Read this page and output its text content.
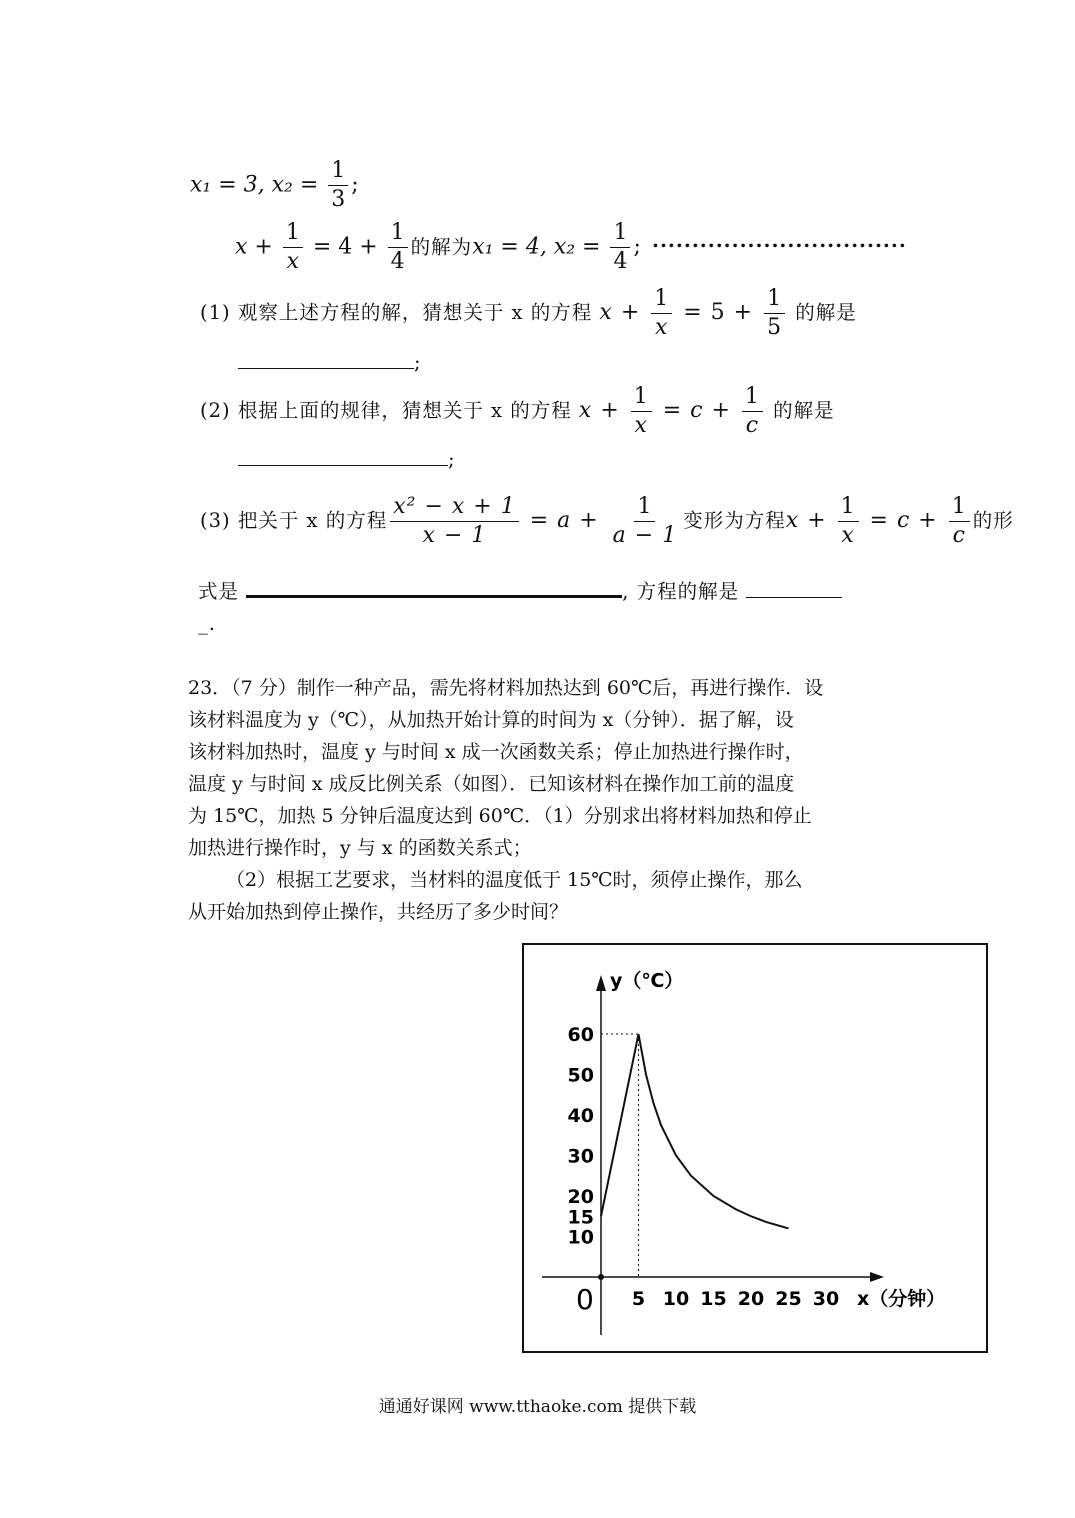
x₁ = 3, $x_2 = \frac{1}{3}$ ;
$x + \frac{1}{x} = 4 + \frac{1}{4}$ 的解为x₁ = 4, $x_2 = \frac{1}{4}$ ; ................................
(1) 观察上述方程的解，猜想关于 x 的方程 $x + \frac{1}{x} = 5 + \frac{1}{5}$ 的解是
;
(2) 根据上面的规律，猜想关于 x 的方程 $x + \frac{1}{x} = c + \frac{1}{c}$ 的解是
;
(3) 把关于 x 的方程 $\frac{\text{x² − x + 1}}{x - 1} = a + \frac{1}{a - 1}$ 变形为方程$x + \frac{1}{x} = c + \frac{1}{c}$ 的形
式是	, 方程的解是
_.
23．（7 分）制作一种产品，需先将材料加热达到 60℃后，再进行操作．设
该材料温度为 y（℃），从加热开始计算的时间为 x（分钟）．据了解，设
该材料加热时，温度 y 与时间 x 成一次函数关系；停止加热进行操作时，
温度 y 与时间 x 成反比例关系（如图）．已知该材料在操作加工前的温度
为 15℃，加热 5 分钟后温度达到 60℃．（1）分别求出将材料加热和停止
加热进行操作时，y 与 x 的函数关系式；
（2）根据工艺要求，当材料的温度低于 15℃时，须停止操作，那么
从开始加热到停止操作，共经历了多少时间？
y（℃）
x（分钟）
0 5 10 15 20 25 30
10
15
20
30
40
50
60
通通好课网 www.tthaoke.com 提供下载
